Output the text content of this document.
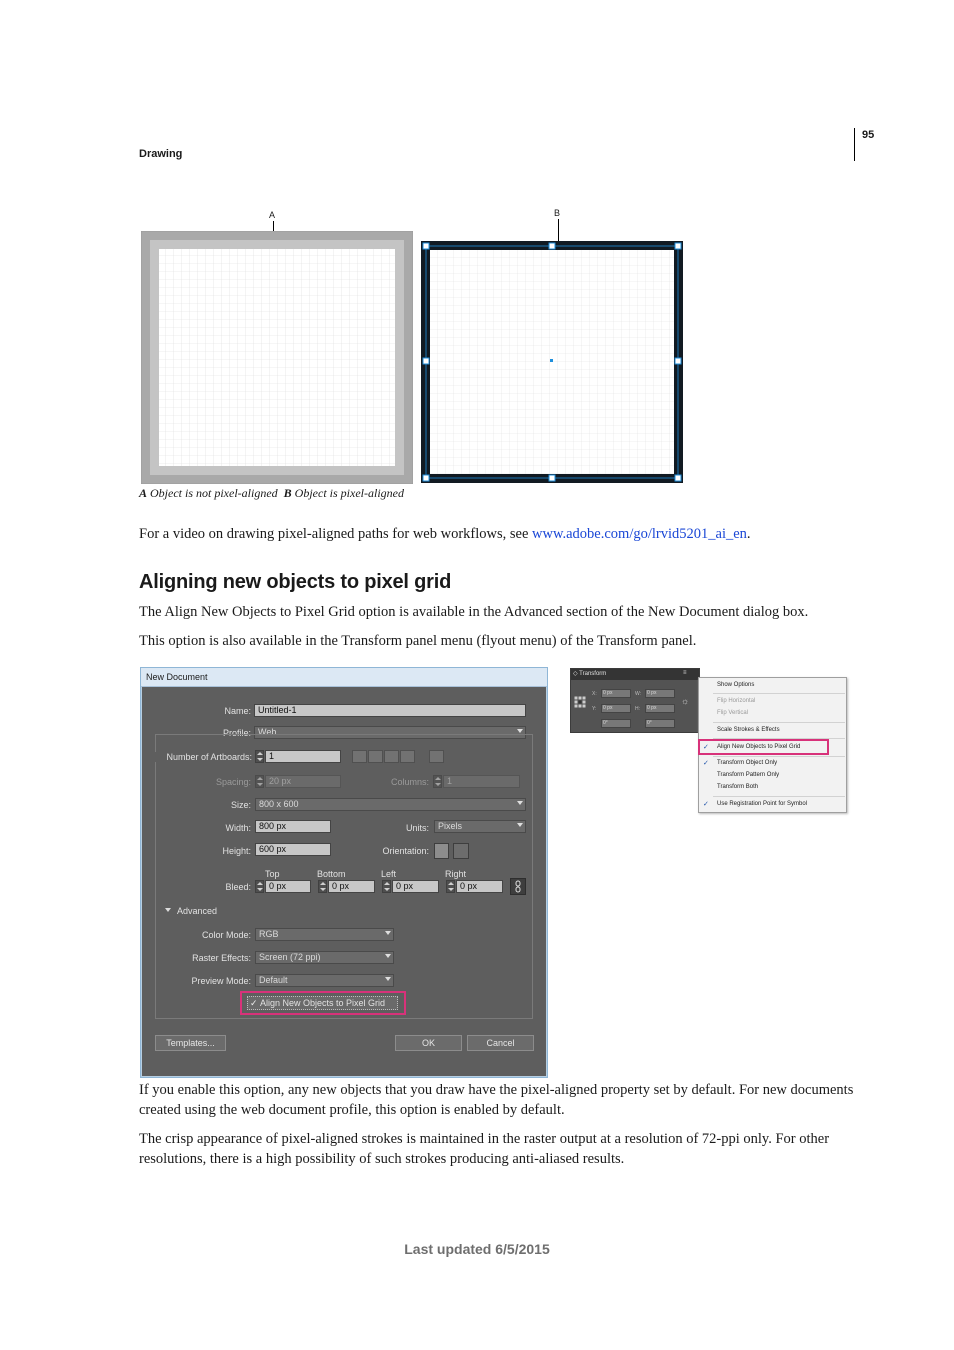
95
Drawing
A	B
A Object is not pixel-aligned B Object is pixel-aligned
For a video on drawing pixel-aligned paths for web workflows, see www.adobe.com/go/lrvid5201_ai_en.
Aligning new objects to pixel grid
The Align New Objects to Pixel Grid option is available in the Advanced section of the New Document dialog box.
This option is also available in the Transform panel menu (flyout menu) of the Transform panel.
New Document
Name: Untitled-1
Profile: Web
Number of Artboards:	1
Spacing:	20 px	Columns:	1
Size: 800 x 600
Width: 800 px	Units:	Pixels
Height: 600 px	Orientation:
Top	Bottom	Left	Right
Bleed:	0 px	0 px	0 px	0 px
Advanced
Color Mode: RGB
Raster Effects: Screen (72 ppi)
Preview Mode: Default
✓ Align New Objects to Pixel Grid
Templates...	OK	Cancel
◇ Transform	≡
X:	0 px	W:	0 px
Y:	0 px	H:	0 px
☼
0°	0°
Show Options
Flip Horizontal
Flip Vertical
Scale Strokes & Effects
✓ Align New Objects to Pixel Grid
✓ Transform Object Only
Transform Pattern Only
Transform Both
✓ Use Registration Point for Symbol
If you enable this option, any new objects that you draw have the pixel-aligned property set by default. For new documents created using the web document profile, this option is enabled by default.
The crisp appearance of pixel-aligned strokes is maintained in the raster output at a resolution of 72-ppi only. For other resolutions, there is a high possibility of such strokes producing anti-aliased results.
Last updated 6/5/2015
